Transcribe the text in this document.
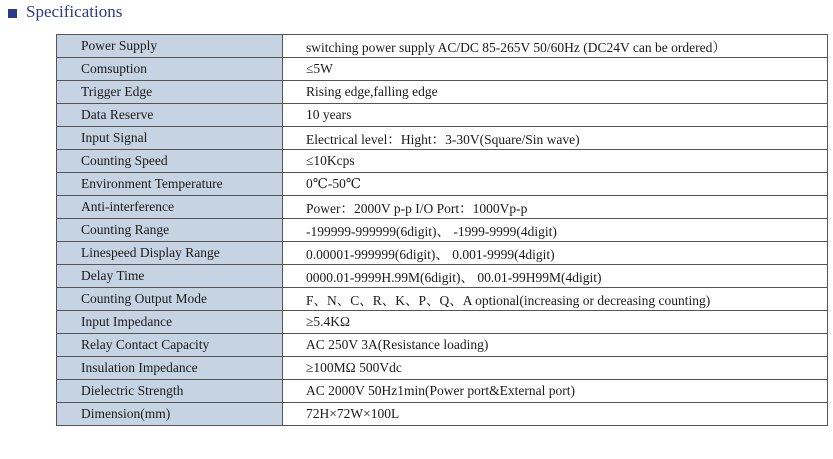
Specifications
Power Supply	switching power supply AC/DC 85-265V 50/60Hz (DC24V can be ordered）
Comsuption	≤5W
Trigger Edge	Rising edge,falling edge
Data Reserve	10 years
Input Signal	Electrical level：Hight：3-30V(Square/Sin wave)
Counting Speed	≤10Kcps
Environment Temperature	0℃-50℃
Anti-interference	Power：2000V p-p I/O Port：1000Vp-p
Counting Range	-199999-999999(6digit)、 -1999-9999(4digit)
Linespeed Display Range	0.00001-999999(6digit)、 0.001-9999(4digit)
Delay Time	0000.01-9999H.99M(6digit)、 00.01-99H99M(4digit)
Counting Output Mode	F、N、C、R、K、P、Q、A optional(increasing or decreasing counting)
Input Impedance	≥5.4KΩ
Relay Contact Capacity	AC 250V 3A(Resistance loading)
Insulation Impedance	≥100MΩ 500Vdc
Dielectric Strength	AC 2000V 50Hz1min(Power port&External port)
Dimension(mm)	72H×72W×100L
